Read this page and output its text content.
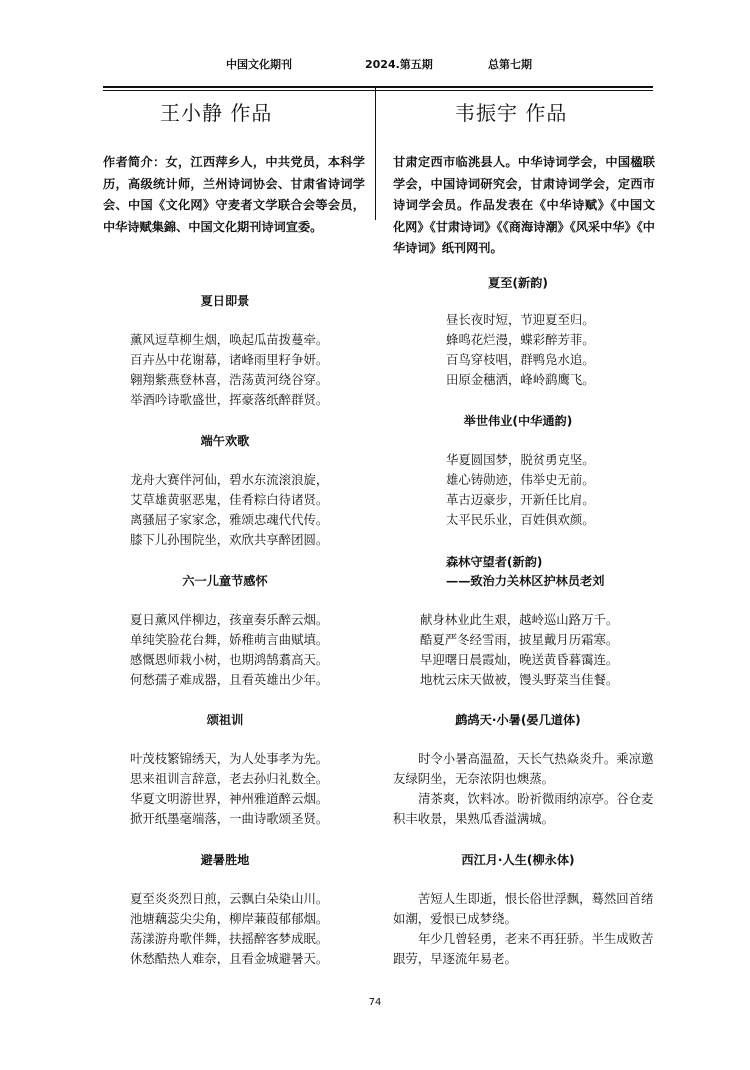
中国文化期刊	2024.第五期	总第七期
王小静 作品
作者简介：女，江西萍乡人，中共党员，本科学历，高级统计师，兰州诗词协会、甘肃省诗词学会、中国《文化网》守麦者文学联合会等会员，中华诗赋集錦、中国文化期刊诗词宣委。
夏日即景
薰风逗草柳生烟，唤起瓜苗拨蔓牵。
百卉丛中花谢幕，诸峰雨里籽争妍。
翱翔紫燕登林喜，浩荡黄河绕谷穿。
举酒吟诗歌盛世，挥豪落纸醉群贤。
端午欢歌
龙舟大赛伴河仙，碧水东流滚浪旋，
艾草雄黄驱恶鬼，佳肴粽白待诸贤。
离骚屈子家家念，雅颂忠魂代代传。
膝下儿孙围院坐，欢欣共享醉团圆。
六一儿童节感怀
夏日薰风伴柳边，孩童奏乐醉云烟。
单纯笑脸花台舞，娇稚萌言曲赋填。
感慨恩师栽小树，也期鸿鹄翥高天。
何愁孺子难成器，且看英雄出少年。
颂祖训
叶茂枝繁锦绣天，为人处事孝为先。
思来祖训言辞意，老去孙归礼数全。
华夏文明游世界，神州雅道醉云烟。
掀开纸墨毫端落，一曲诗歌颂圣贤。
避暑胜地
夏至炎炎烈日煎，云飘白朵染山川。
池塘藕蕊尖尖角，柳岸蒹葭郁郁烟。
荡漾游舟歌伴舞，扶摇醉客梦成眠。
休愁酷热人难奈，且看金城避暑天。
韦振宇 作品
甘肃定西市临洮县人。中华诗词学会，中国楹联学会，中国诗词研究会，甘肃诗词学会，定西市诗词学会员。作品发表在《中华诗赋》《中国文化网》《甘肃诗词》《《商海诗潮》《风采中华》《中华诗词》纸刊网刊。
夏至(新韵)
昼长夜时短，节迎夏至归。
蜂鸣花烂漫，蝶彩醉芳菲。
百鸟穿枝唱，群鸭凫水追。
田原金穗洒，峰岭鹞鹰飞。
举世伟业(中华通韵)
华夏圆国梦，脱贫勇克坚。
雄心铸勋迹，伟举史无前。
革古迈豪步，开新任比肩。
太平民乐业，百姓俱欢颜。
森林守望者(新韵)
——致治力关林区护林员老刘
献身林业此生艰，越岭巡山路万千。
酷夏严冬经雪雨，披星戴月历霜寒。
早迎曙日晨霞灿，晚送黄昏暮霭连。
地枕云床天做被，馒头野菜当佳餐。
鹧鸪天·小暑(晏几道体)

时令小暑高温盈，天长气热焱炎升。乘凉邀友绿阴坐，无奈浓阴也燠蒸。

清茶爽，饮料冰。盼祈微雨纳凉亭。谷仓麦积丰收景，果熟瓜香溢满城。

西江月·人生(柳永体)

苦短人生即逝，恨长俗世浮飘，蓦然回首绪如潮，爱恨已成梦绕。

年少几曾轻勇，老来不再狂骄。半生成败苦跟劳，早逐流年易老。

74
